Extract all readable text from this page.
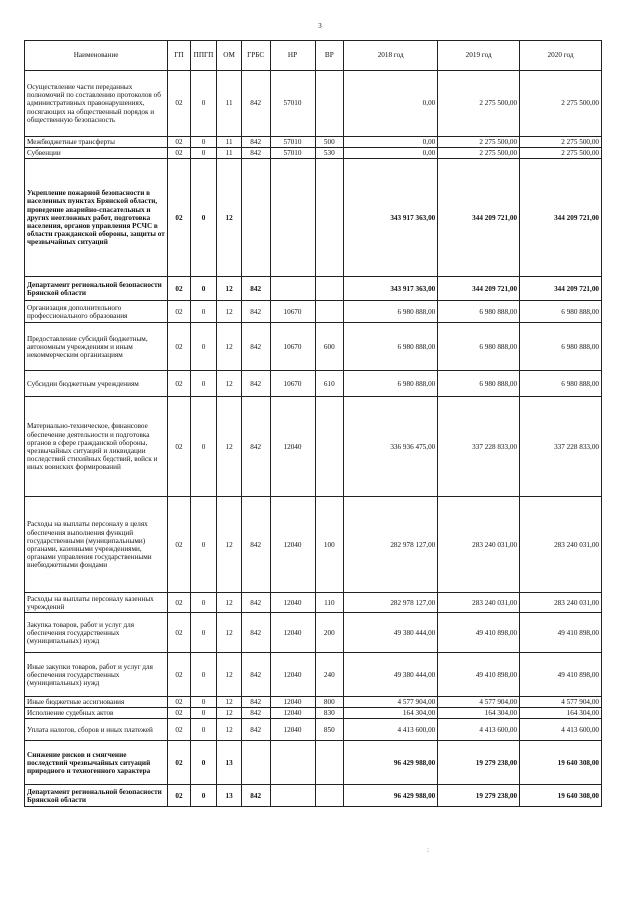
3
Наименование	ГП	ППГП	ОМ	ГРБС	НР	ВР	2018 год	2019 год	2020 год
Осуществление части переданных полномочий по составлению протоколов об административных правонарушениях, посягающих на общественный порядок и общественную безопасность	02	0	11	842	57010		0,00	2 275 500,00	2 275 500,00
Межбюджетные трансферты	02	0	11	842	57010	500	0,00	2 275 500,00	2 275 500,00
Субвенции	02	0	11	842	57010	530	0,00	2 275 500,00	2 275 500,00
Укрепление пожарной безопасности в населенных пунктах Брянской области, проведение аварийно-спасательных и других неотложных работ, подготовка населения, органов управления РСЧС в области гражданской обороны, защиты от чрезвычайных ситуаций	02	0	12				343 917 363,00	344 209 721,00	344 209 721,00
Департамент региональной безопасности Брянской области	02	0	12	842			343 917 363,00	344 209 721,00	344 209 721,00
Организация дополнительного профессионального образования	02	0	12	842	10670		6 980 888,00	6 980 888,00	6 980 888,00
Предоставление субсидий бюджетным, автономным учреждениям и иным некоммерческим организациям	02	0	12	842	10670	600	6 980 888,00	6 980 888,00	6 980 888,00
Субсидии бюджетным учреждениям	02	0	12	842	10670	610	6 980 888,00	6 980 888,00	6 980 888,00
Материально-техническое, финансовое обеспечение деятельности и подготовка органов в сфере гражданской обороны, чрезвычайных ситуаций и ликвидации последствий стихийных бедствий, войск и иных воинских формирований	02	0	12	842	12040		336 936 475,00	337 228 833,00	337 228 833,00
Расходы на выплаты персоналу в целях обеспечения выполнения функций государственными (муниципальными) органами, казенными учреждениями, органами управления государственными внебюджетными фондами	02	0	12	842	12040	100	282 978 127,00	283 240 031,00	283 240 031,00
Расходы на выплаты персоналу казенных учреждений	02	0	12	842	12040	110	282 978 127,00	283 240 031,00	283 240 031,00
Закупка товаров, работ и услуг для обеспечения государственных (муниципальных) нужд	02	0	12	842	12040	200	49 380 444,00	49 410 898,00	49 410 898,00
Иные закупки товаров, работ и услуг для обеспечения государственных (муниципальных) нужд	02	0	12	842	12040	240	49 380 444,00	49 410 898,00	49 410 898,00
Иные бюджетные ассигнования	02	0	12	842	12040	800	4 577 904,00	4 577 904,00	4 577 904,00
Исполнение судебных актов	02	0	12	842	12040	830	164 304,00	164 304,00	164 304,00
Уплата налогов, сборов и иных платежей	02	0	12	842	12040	850	4 413 600,00	4 413 600,00	4 413 600,00
Снижение рисков и смягчение последствий чрезвычайных ситуаций природного и техногенного характера	02	0	13				96 429 988,00	19 279 238,00	19 640 308,00
Департамент региональной безопасности Брянской области	02	0	13	842			96 429 988,00	19 279 238,00	19 640 308,00
:
